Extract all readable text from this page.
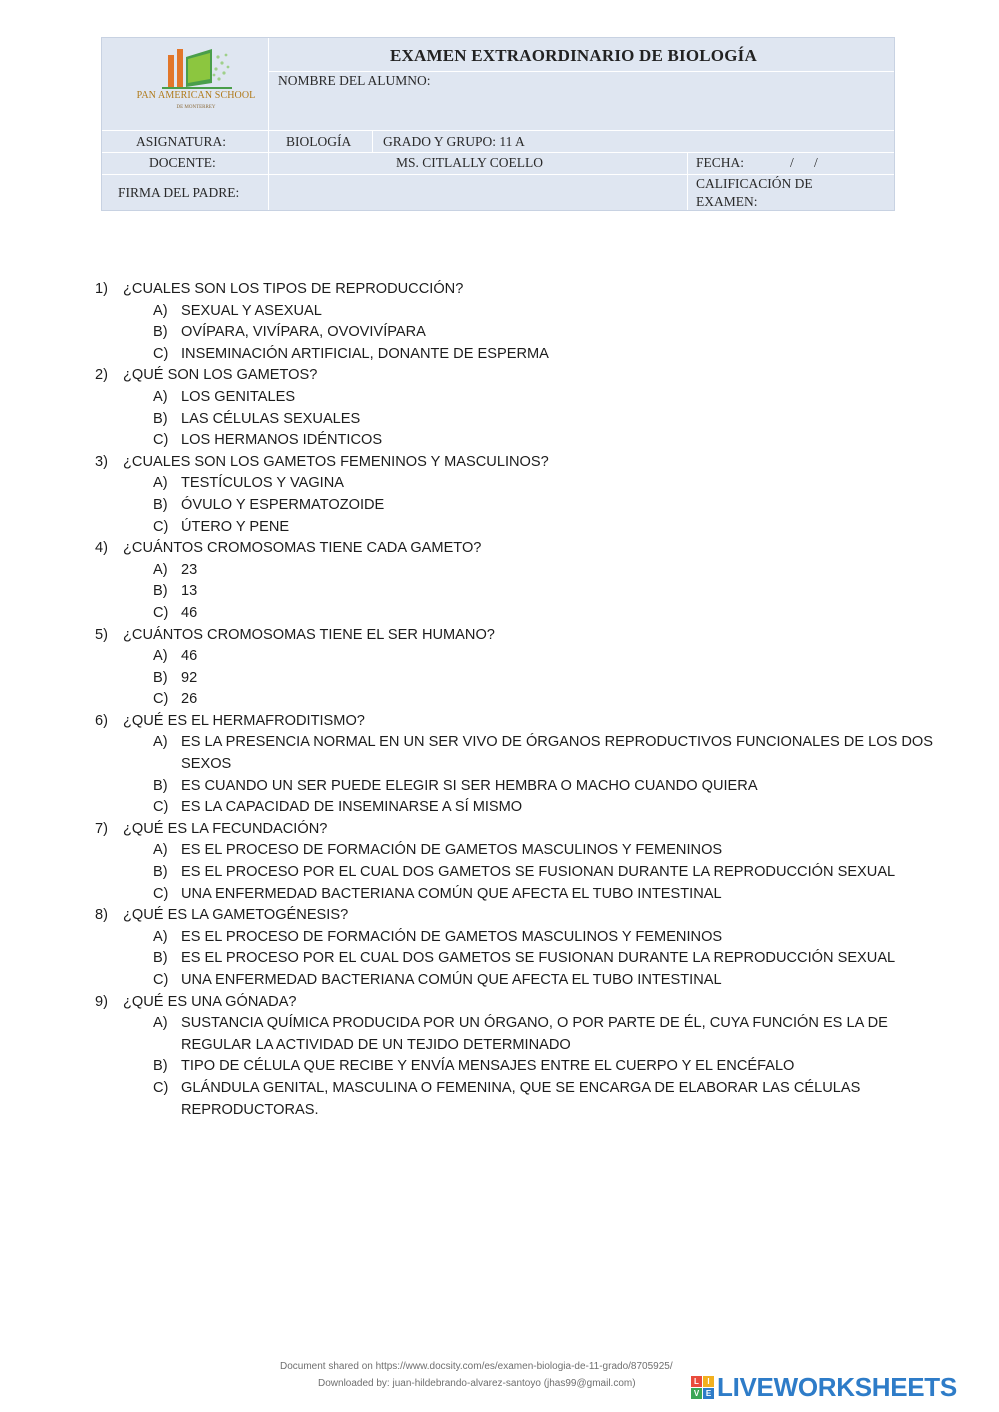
PAN AMERICAN SCHOOL
DE MONTERREY
EXAMEN EXTRAORDINARIO DE BIOLOGÍA
NOMBRE DEL ALUMNO:
ASIGNATURA:	BIOLOGÍA GRADO Y GRUPO: 11 A
DOCENTE:	MS. CITLALLY COELLO	FECHA:	/      /
FIRMA DEL PADRE:
CALIFICACIÓN DE
EXAMEN:
1) ¿CUALES SON LOS TIPOS DE REPRODUCCIÓN?
A) SEXUAL Y ASEXUAL
B) OVÍPARA, VIVÍPARA, OVOVIVÍPARA
C) INSEMINACIÓN ARTIFICIAL, DONANTE DE ESPERMA
2) ¿QUÉ SON LOS GAMETOS?
A) LOS GENITALES
B) LAS CÉLULAS SEXUALES
C) LOS HERMANOS IDÉNTICOS
3) ¿CUALES SON LOS GAMETOS FEMENINOS Y MASCULINOS?
A) TESTÍCULOS Y VAGINA
B) ÓVULO Y ESPERMATOZOIDE
C) ÚTERO Y PENE
4) ¿CUÁNTOS CROMOSOMAS TIENE CADA GAMETO?
A) 23
B) 13
C) 46
5) ¿CUÁNTOS CROMOSOMAS TIENE EL SER HUMANO?
A) 46
B) 92
C) 26
6) ¿QUÉ ES EL HERMAFRODITISMO?
A) ES LA PRESENCIA NORMAL EN UN SER VIVO DE ÓRGANOS REPRODUCTIVOS FUNCIONALES DE LOS DOS SEXOS
B) ES CUANDO UN SER PUEDE ELEGIR SI SER HEMBRA O MACHO CUANDO QUIERA
C) ES LA CAPACIDAD DE INSEMINARSE A SÍ MISMO
7) ¿QUÉ ES LA FECUNDACIÓN?
A) ES EL PROCESO DE FORMACIÓN DE GAMETOS MASCULINOS Y FEMENINOS
B) ES EL PROCESO POR EL CUAL DOS GAMETOS SE FUSIONAN DURANTE LA REPRODUCCIÓN SEXUAL
C) UNA ENFERMEDAD BACTERIANA COMÚN QUE AFECTA EL TUBO INTESTINAL
8) ¿QUÉ ES LA GAMETOGÉNESIS?
A) ES EL PROCESO DE FORMACIÓN DE GAMETOS MASCULINOS Y FEMENINOS
B) ES EL PROCESO POR EL CUAL DOS GAMETOS SE FUSIONAN DURANTE LA REPRODUCCIÓN SEXUAL
C) UNA ENFERMEDAD BACTERIANA COMÚN QUE AFECTA EL TUBO INTESTINAL
9) ¿QUÉ ES UNA GÓNADA?
A) SUSTANCIA QUÍMICA PRODUCIDA POR UN ÓRGANO, O POR PARTE DE ÉL, CUYA FUNCIÓN ES LA DE REGULAR LA ACTIVIDAD DE UN TEJIDO DETERMINADO
B) TIPO DE CÉLULA QUE RECIBE Y ENVÍA MENSAJES ENTRE EL CUERPO Y EL ENCÉFALO
C) GLÁNDULA GENITAL, MASCULINA O FEMENINA, QUE SE ENCARGA DE ELABORAR LAS CÉLULAS REPRODUCTORAS.
Document shared on https://www.docsity.com/es/examen-biologia-de-11-grado/8705925/
Downloaded by: juan-hildebrando-alvarez-santoyo (jhas99@gmail.com)	L	I
V E LIVEWORKSHEETS
